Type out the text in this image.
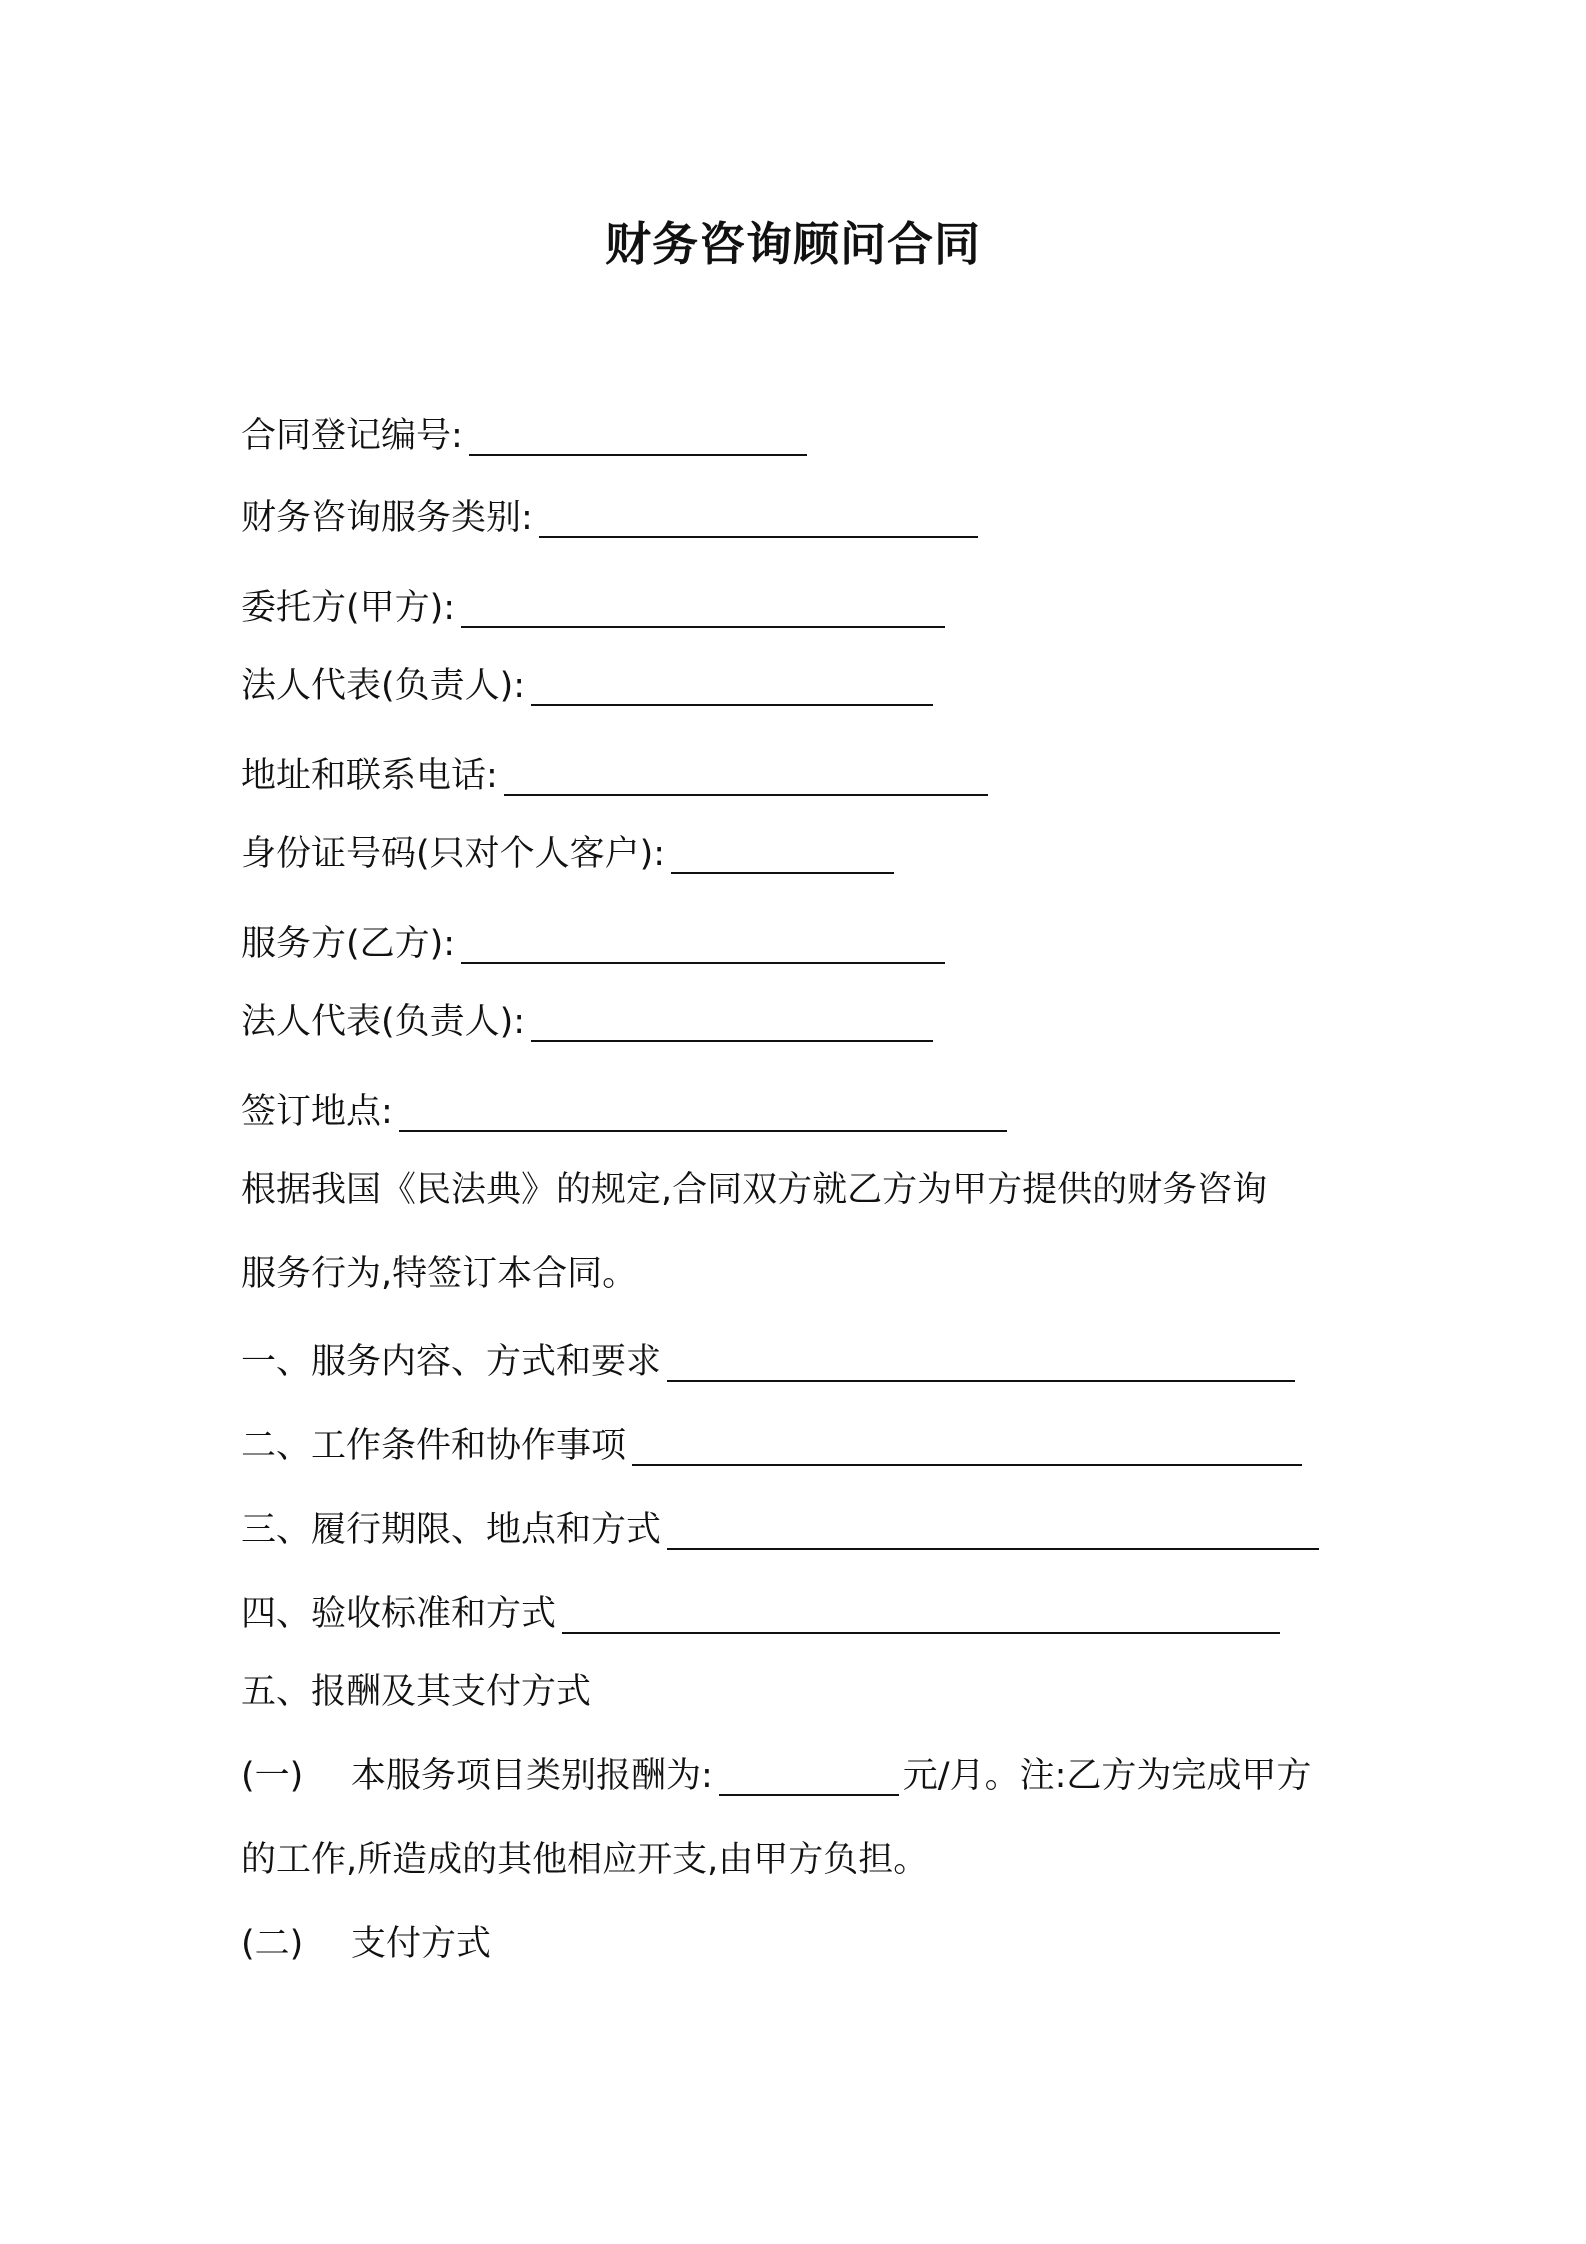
财务咨询顾问合同
合同登记编号:
财务咨询服务类别:
委托方(甲方):
法人代表(负责人):
地址和联系电话:
身份证号码(只对个人客户):
服务方(乙方):
法人代表(负责人):
签订地点:
根据我国《民法典》的规定,合同双方就乙方为甲方提供的财务咨询
服务行为,特签订本合同。
一、服务内容、方式和要求
二、工作条件和协作事项
三、履行期限、地点和方式
四、验收标准和方式
五、报酬及其支付方式
(一)	本服务项目类别报酬为:	元/月。注:乙方为完成甲方
的工作,所造成的其他相应开支,由甲方负担。
(二)	支付方式
